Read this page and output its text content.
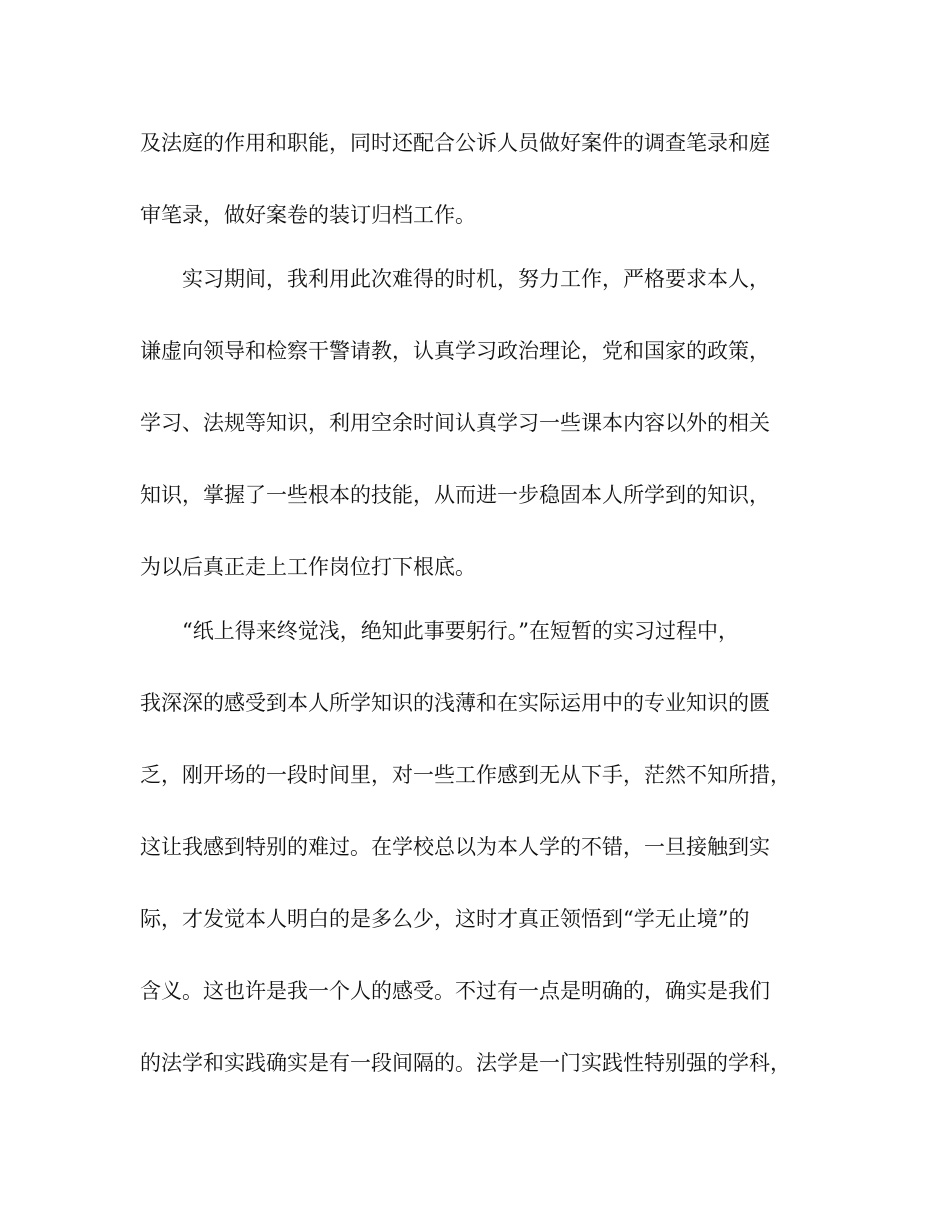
及法庭的作用和职能，同时还配合公诉人员做好案件的调查笔录和庭
审笔录，做好案卷的装订归档工作。
实习期间，我利用此次难得的时机，努力工作，严格要求本人，
谦虚向领导和检察干警请教，认真学习政治理论，党和国家的政策，
学习、法规等知识，利用空余时间认真学习一些课本内容以外的相关
知识，掌握了一些根本的技能，从而进一步稳固本人所学到的知识，
为以后真正走上工作岗位打下根底。
“纸上得来终觉浅，绝知此事要躬行。”在短暂的实习过程中，
我深深的感受到本人所学知识的浅薄和在实际运用中的专业知识的匮
乏，刚开场的一段时间里，对一些工作感到无从下手，茫然不知所措，
这让我感到特别的难过。在学校总以为本人学的不错，一旦接触到实
际，才发觉本人明白的是多么少，这时才真正领悟到“学无止境”的
含义。这也许是我一个人的感受。不过有一点是明确的，确实是我们
的法学和实践确实是有一段间隔的。法学是一门实践性特别强的学科，
